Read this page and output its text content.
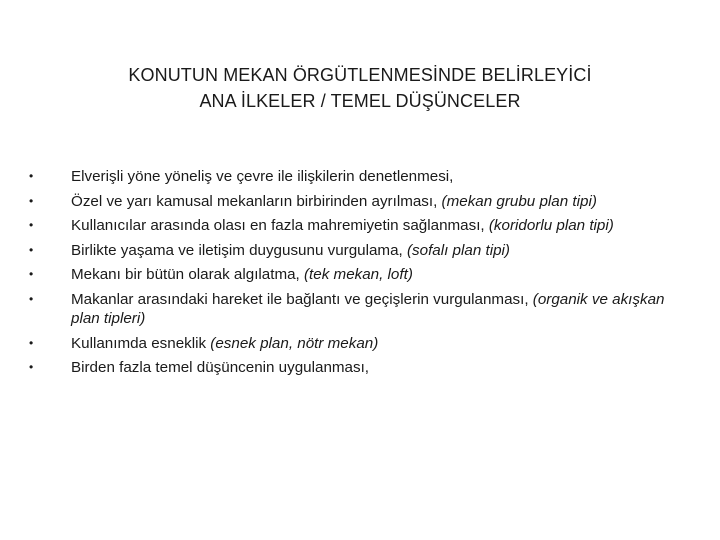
KONUTUN MEKAN ÖRGÜTLENMESİNDE BELİRLEYİCİ
ANA İLKELER / TEMEL DÜŞÜNCELER
•	Elverişli yöne yöneliş ve çevre ile ilişkilerin denetlenmesi,
•	Özel ve yarı kamusal mekanların birbirinden ayrılması, (mekan grubu plan tipi)
•	Kullanıcılar arasında olası en fazla mahremiyetin sağlanması, (koridorlu plan tipi)
•	Birlikte yaşama ve iletişim duygusunu vurgulama, (sofalı plan tipi)
•	Mekanı bir bütün olarak algılatma, (tek mekan, loft)
•	Makanlar arasındaki hareket ile bağlantı ve geçişlerin vurgulanması, (organik ve akışkan plan tipleri)
•	Kullanımda esneklik (esnek plan, nötr mekan)
•	Birden fazla temel düşüncenin uygulanması,
